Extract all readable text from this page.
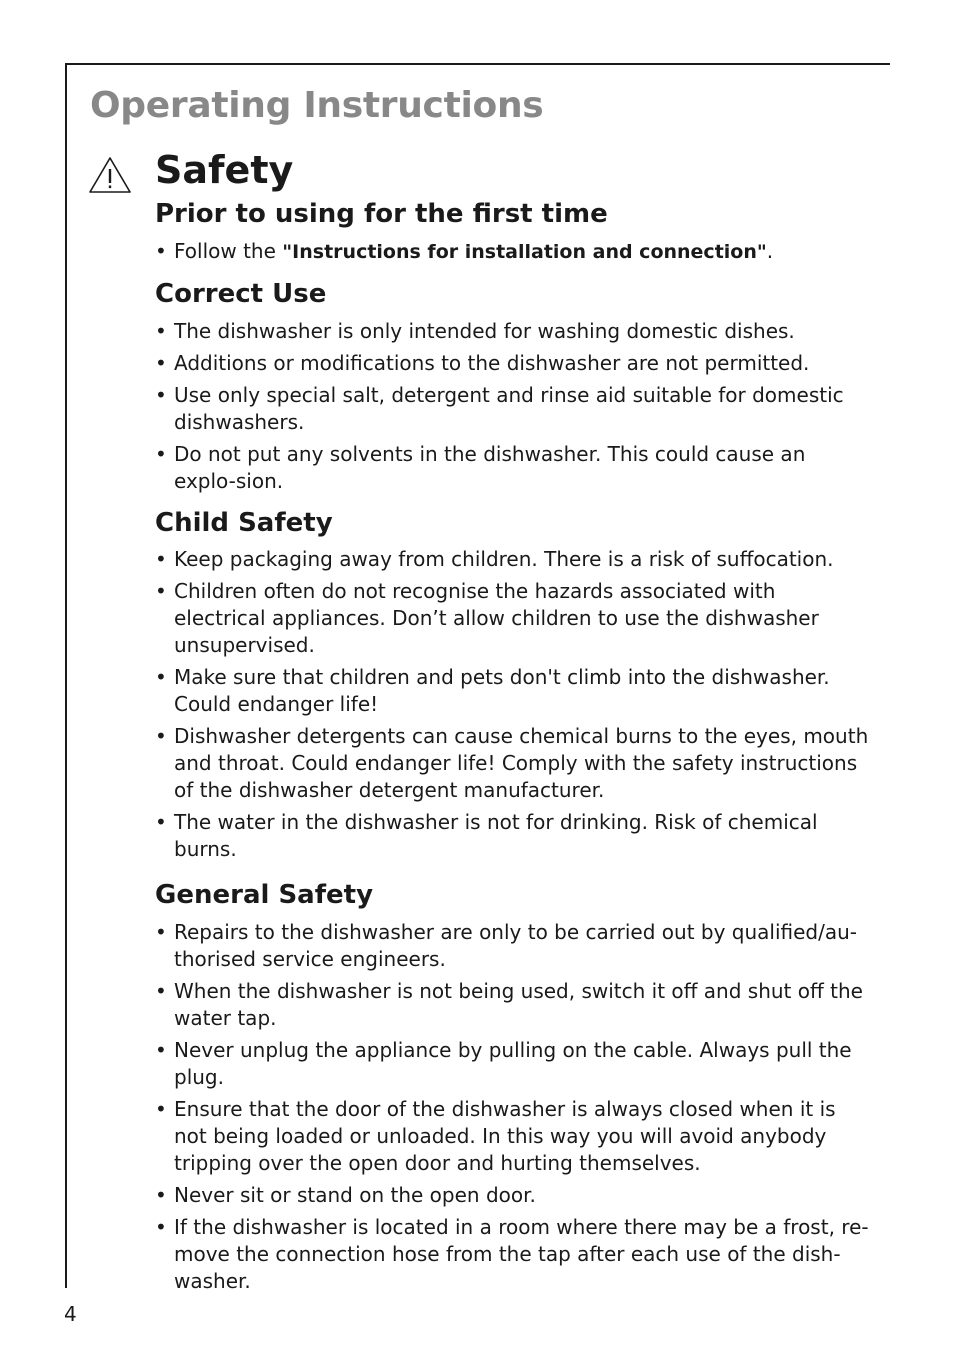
Operating Instructions
Safety
Prior to using for the first time
• Follow the "Instructions for installation and connection".
Correct Use
• The dishwasher is only intended for washing domestic dishes.
• Additions or modifications to the dishwasher are not permitted.
• Use only special salt, detergent and rinse aid suitable for domestic dishwashers.
• Do not put any solvents in the dishwasher. This could cause an explo-sion.
Child Safety
• Keep packaging away from children. There is a risk of suffocation.
• Children often do not recognise the hazards associated with electrical appliances. Don’t allow children to use the dishwasher unsupervised.
• Make sure that children and pets don't climb into the dishwasher. Could endanger life!
• Dishwasher detergents can cause chemical burns to the eyes, mouth and throat. Could endanger life! Comply with the safety instructions of the dishwasher detergent manufacturer.
• The water in the dishwasher is not for drinking. Risk of chemical burns.
General Safety
• Repairs to the dishwasher are only to be carried out by qualified/au-thorised service engineers.
• When the dishwasher is not being used, switch it off and shut off the water tap.
• Never unplug the appliance by pulling on the cable. Always pull the plug.
• Ensure that the door of the dishwasher is always closed when it is not being loaded or unloaded. In this way you will avoid anybody tripping over the open door and hurting themselves.
• Never sit or stand on the open door.
• If the dishwasher is located in a room where there may be a frost, re-move the connection hose from the tap after each use of the dish-washer.
4
